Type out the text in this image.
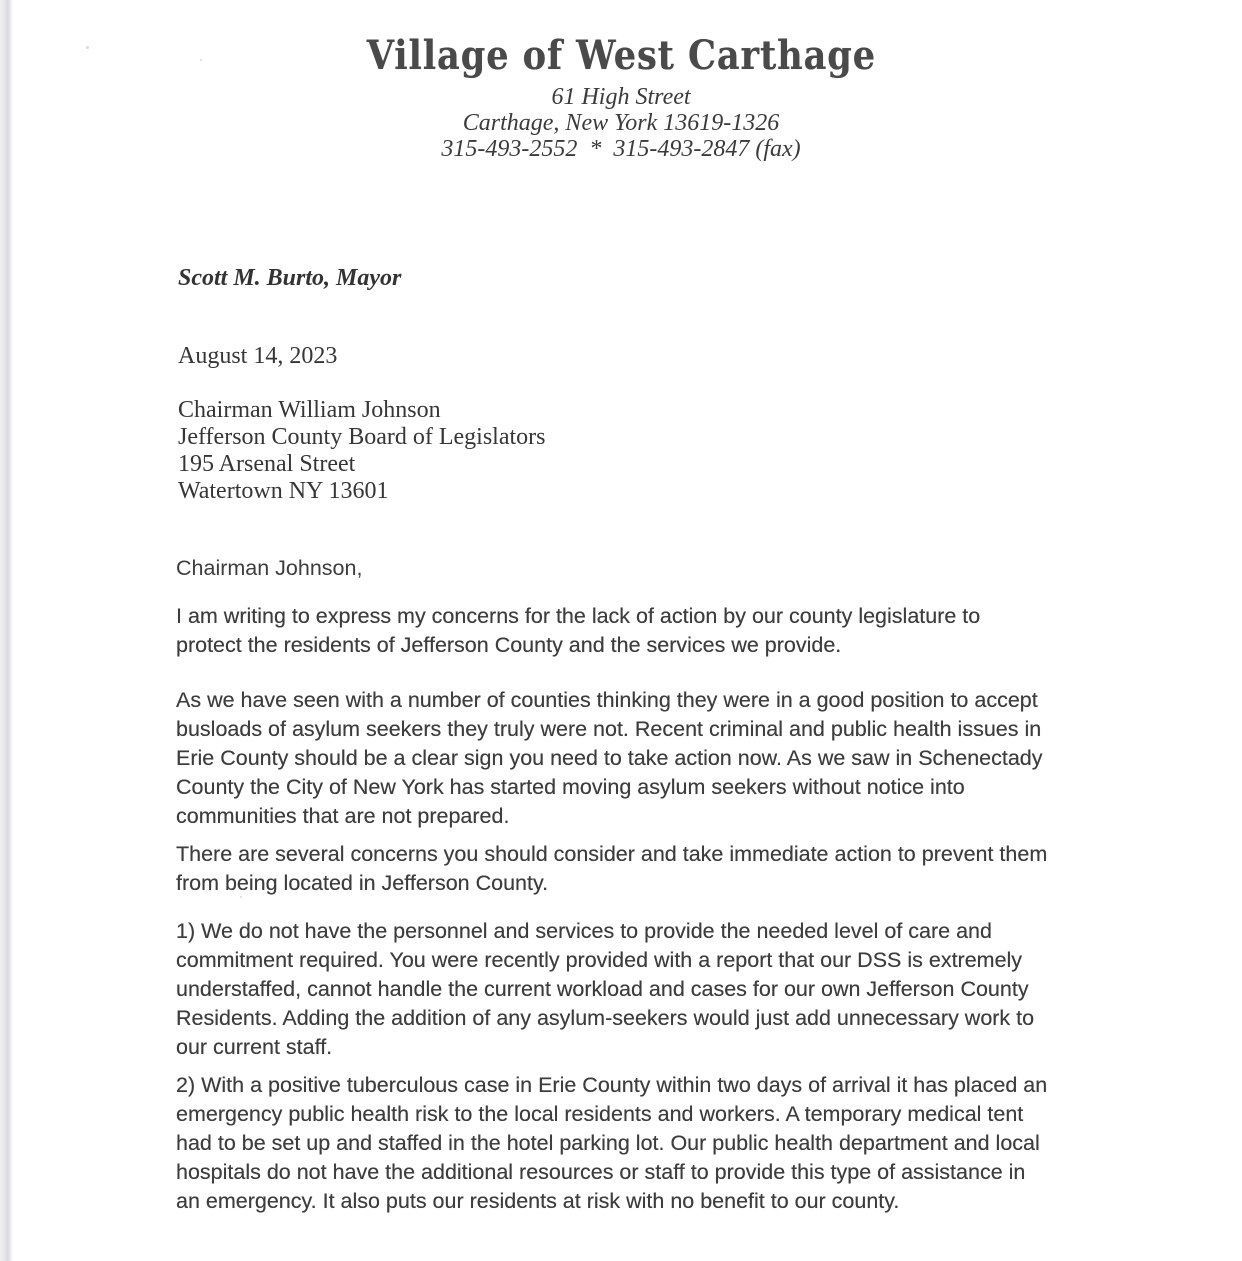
Village of West Carthage
61 High Street
Carthage, New York 13619-1326
315-493-2552  *  315-493-2847 (fax)
Scott M. Burto, Mayor
August 14, 2023
Chairman William Johnson
Jefferson County Board of Legislators
195 Arsenal Street
Watertown NY 13601
Chairman Johnson,
I am writing to express my concerns for the lack of action by our county legislature to protect the residents of Jefferson County and the services we provide.
As we have seen with a number of counties thinking they were in a good position to accept busloads of asylum seekers they truly were not. Recent criminal and public health issues in Erie County should be a clear sign you need to take action now. As we saw in Schenectady County the City of New York has started moving asylum seekers without notice into communities that are not prepared.
There are several concerns you should consider and take immediate action to prevent them from being located in Jefferson County.
1) We do not have the personnel and services to provide the needed level of care and commitment required. You were recently provided with a report that our DSS is extremely understaffed, cannot handle the current workload and cases for our own Jefferson County Residents. Adding the addition of any asylum-seekers would just add unnecessary work to our current staff.
2) With a positive tuberculous case in Erie County within two days of arrival it has placed an emergency public health risk to the local residents and workers. A temporary medical tent had to be set up and staffed in the hotel parking lot. Our public health department and local hospitals do not have the additional resources or staff to provide this type of assistance in an emergency. It also puts our residents at risk with no benefit to our county.
